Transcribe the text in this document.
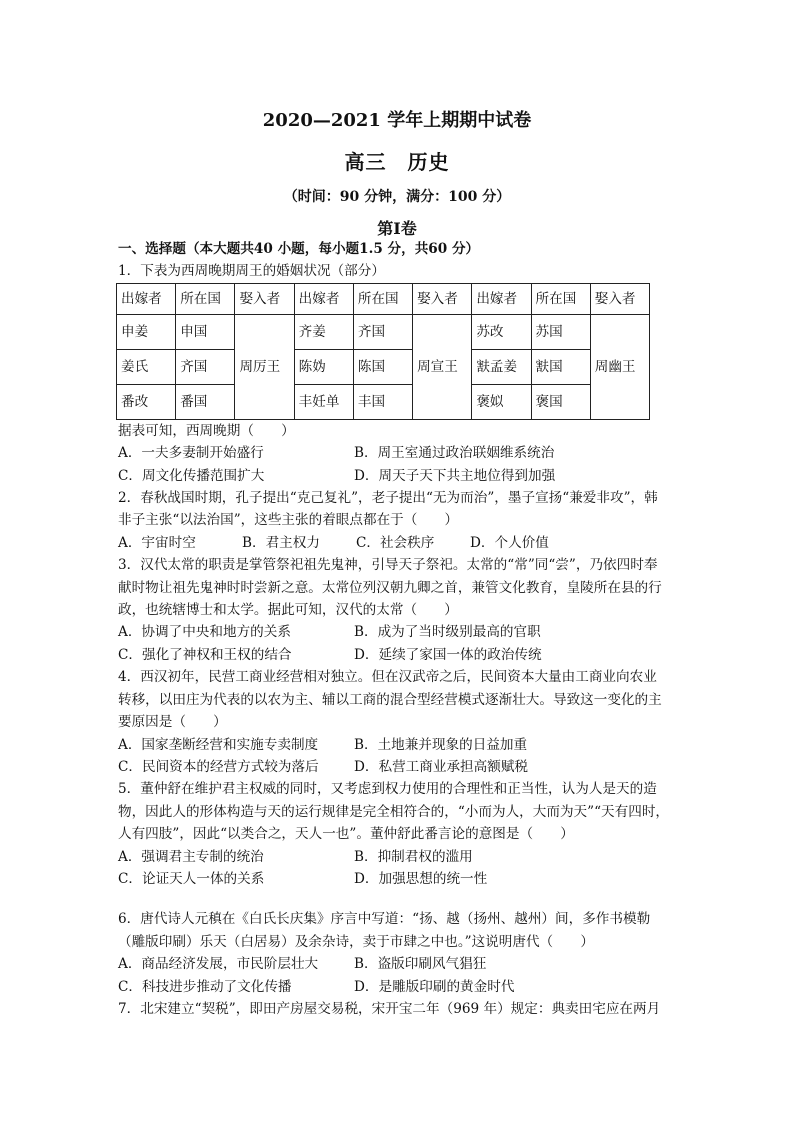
2020—2021 学年上期期中试卷
高三　历史
（时间：90 分钟，满分：100 分）
第Ⅰ卷
一、选择题（本大题共40 小题，每小题1.5 分，共60 分）
1．下表为西周晚期周王的婚姻状况（部分）
出嫁者	所在国	娶入者	出嫁者	所在国	娶入者	出嫁者	所在国	娶入者
申姜	申国	周厉王	齐姜	齐国	周宣王	苏改	苏国	周幽王
姜氏	齐国		陈妫	陈国		㝬孟姜	㝬国	
番改	番国		丰妊单	丰国		褒姒	褒国	
据表可知，西周晚期（　　）
A．一夫多妻制开始盛行	B．周王室通过政治联姻维系统治
C．周文化传播范围扩大	D．周天子天下共主地位得到加强
2．春秋战国时期，孔子提出“克己复礼”，老子提出“无为而治”，墨子宣扬“兼爱非攻”，韩
非子主张“以法治国”，这些主张的着眼点都在于（　　）
A．宇宙时空	B．君主权力	C．社会秩序	D．个人价值
3．汉代太常的职责是掌管祭祀祖先鬼神，引导天子祭祀。太常的“常”同“尝”，乃依四时奉
献时物让祖先鬼神时时尝新之意。太常位列汉朝九卿之首，兼管文化教育，皇陵所在县的行
政，也统辖博士和太学。据此可知，汉代的太常（　　）
A．协调了中央和地方的关系	B．成为了当时级别最高的官职
C．强化了神权和王权的结合	D．延续了家国一体的政治传统
4．西汉初年，民营工商业经营相对独立。但在汉武帝之后，民间资本大量由工商业向农业
转移，以田庄为代表的以农为主、辅以工商的混合型经营模式逐渐壮大。导致这一变化的主
要原因是（　　）
A．国家垄断经营和实施专卖制度	B．土地兼并现象的日益加重
C．民间资本的经营方式较为落后	D．私营工商业承担高额赋税
5．董仲舒在维护君主权威的同时，又考虑到权力使用的合理性和正当性，认为人是天的造
物，因此人的形体构造与天的运行规律是完全相符合的，“小而为人，大而为天”“天有四时，
人有四肢”，因此“以类合之，天人一也”。董仲舒此番言论的意图是（　　）
A．强调君主专制的统治	B．抑制君权的滥用
C．论证天人一体的关系	D．加强思想的统一性
6．唐代诗人元稹在《白氏长庆集》序言中写道：“扬、越（扬州、越州）间，多作书模勒
（雕版印刷）乐天（白居易）及余杂诗，卖于市肆之中也。”这说明唐代（　　）
A．商品经济发展，市民阶层壮大	B．盗版印刷风气猖狂
C．科技进步推动了文化传播	D．是雕版印刷的黄金时代
7．北宋建立“契税”，即田产房屋交易税，宋开宝二年（969 年）规定：典卖田宅应在两月
